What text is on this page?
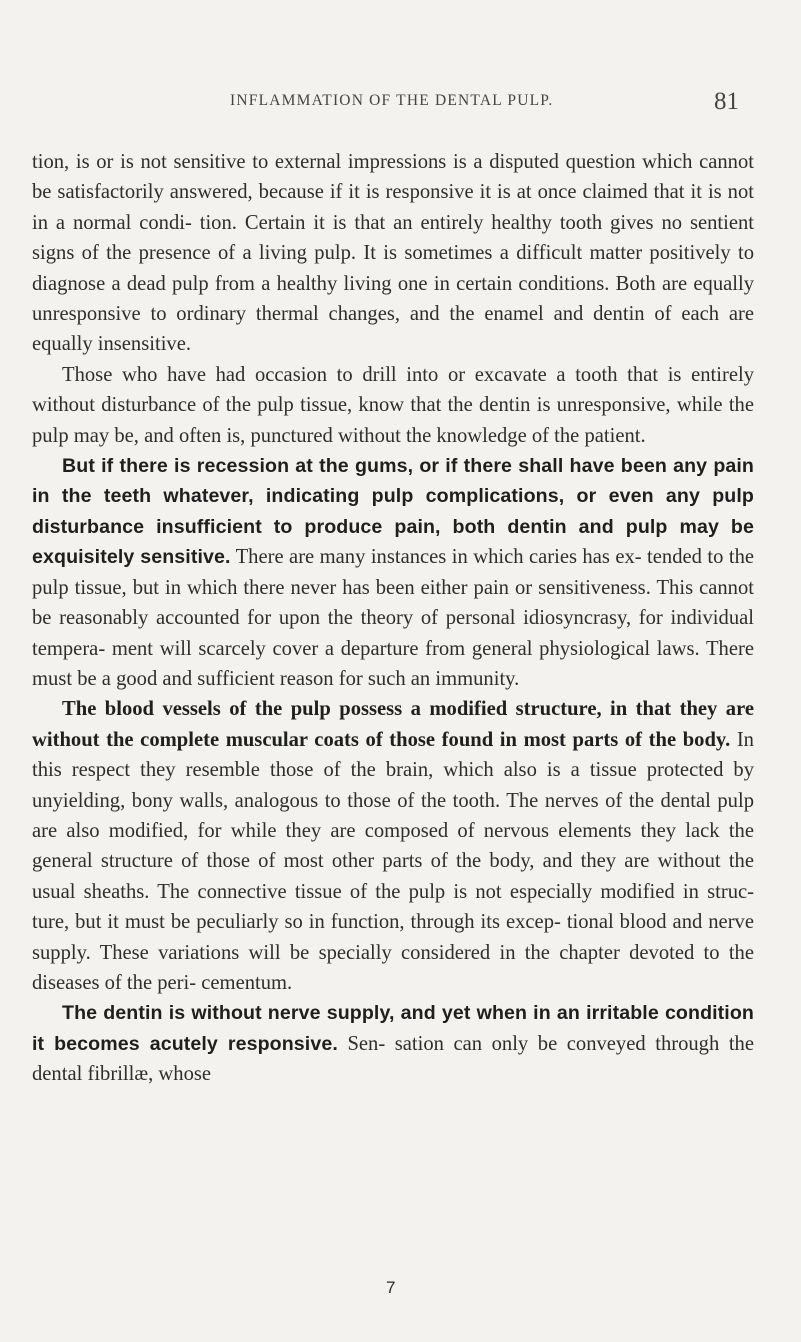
INFLAMMATION OF THE DENTAL PULP.	81

tion, is or is not sensitive to external impressions is a disputed question which cannot be satisfactorily answered, because if it is responsive it is at once claimed that it is not in a normal condi- tion. Certain it is that an entirely healthy tooth gives no sentient signs of the presence of a living pulp. It is sometimes a difficult matter positively to diagnose a dead pulp from a healthy living one in certain conditions. Both are equally unresponsive to ordinary thermal changes, and the enamel and dentin of each are equally insensitive.

Those who have had occasion to drill into or excavate a tooth that is entirely without disturbance of the pulp tissue, know that the dentin is unresponsive, while the pulp may be, and often is, punctured without the knowledge of the patient.

But if there is recession at the gums, or if there shall have been any pain in the teeth whatever, indicating pulp complications, or even any pulp disturbance insufficient to produce pain, both dentin and pulp may be exquisitely sensitive. There are many instances in which caries has ex- tended to the pulp tissue, but in which there never has been either pain or sensitiveness. This cannot be reasonably accounted for upon the theory of personal idiosyncrasy, for individual tempera- ment will scarcely cover a departure from general physiological laws. There must be a good and sufficient reason for such an immunity.

The blood vessels of the pulp possess a modified structure, in that they are without the complete muscular coats of those found in most parts of the body. In this respect they resemble those of the brain, which also is a tissue protected by unyielding, bony walls, analogous to those of the tooth. The nerves of the dental pulp are also modified, for while they are composed of nervous elements they lack the general structure of those of most other parts of the body, and they are without the usual sheaths. The connective tissue of the pulp is not especially modified in struc- ture, but it must be peculiarly so in function, through its excep- tional blood and nerve supply. These variations will be specially considered in the chapter devoted to the diseases of the peri- cementum.

The dentin is without nerve supply, and yet when in an irritable condition it becomes acutely responsive. Sen- sation can only be conveyed through the dental fibrillæ, whose

7
